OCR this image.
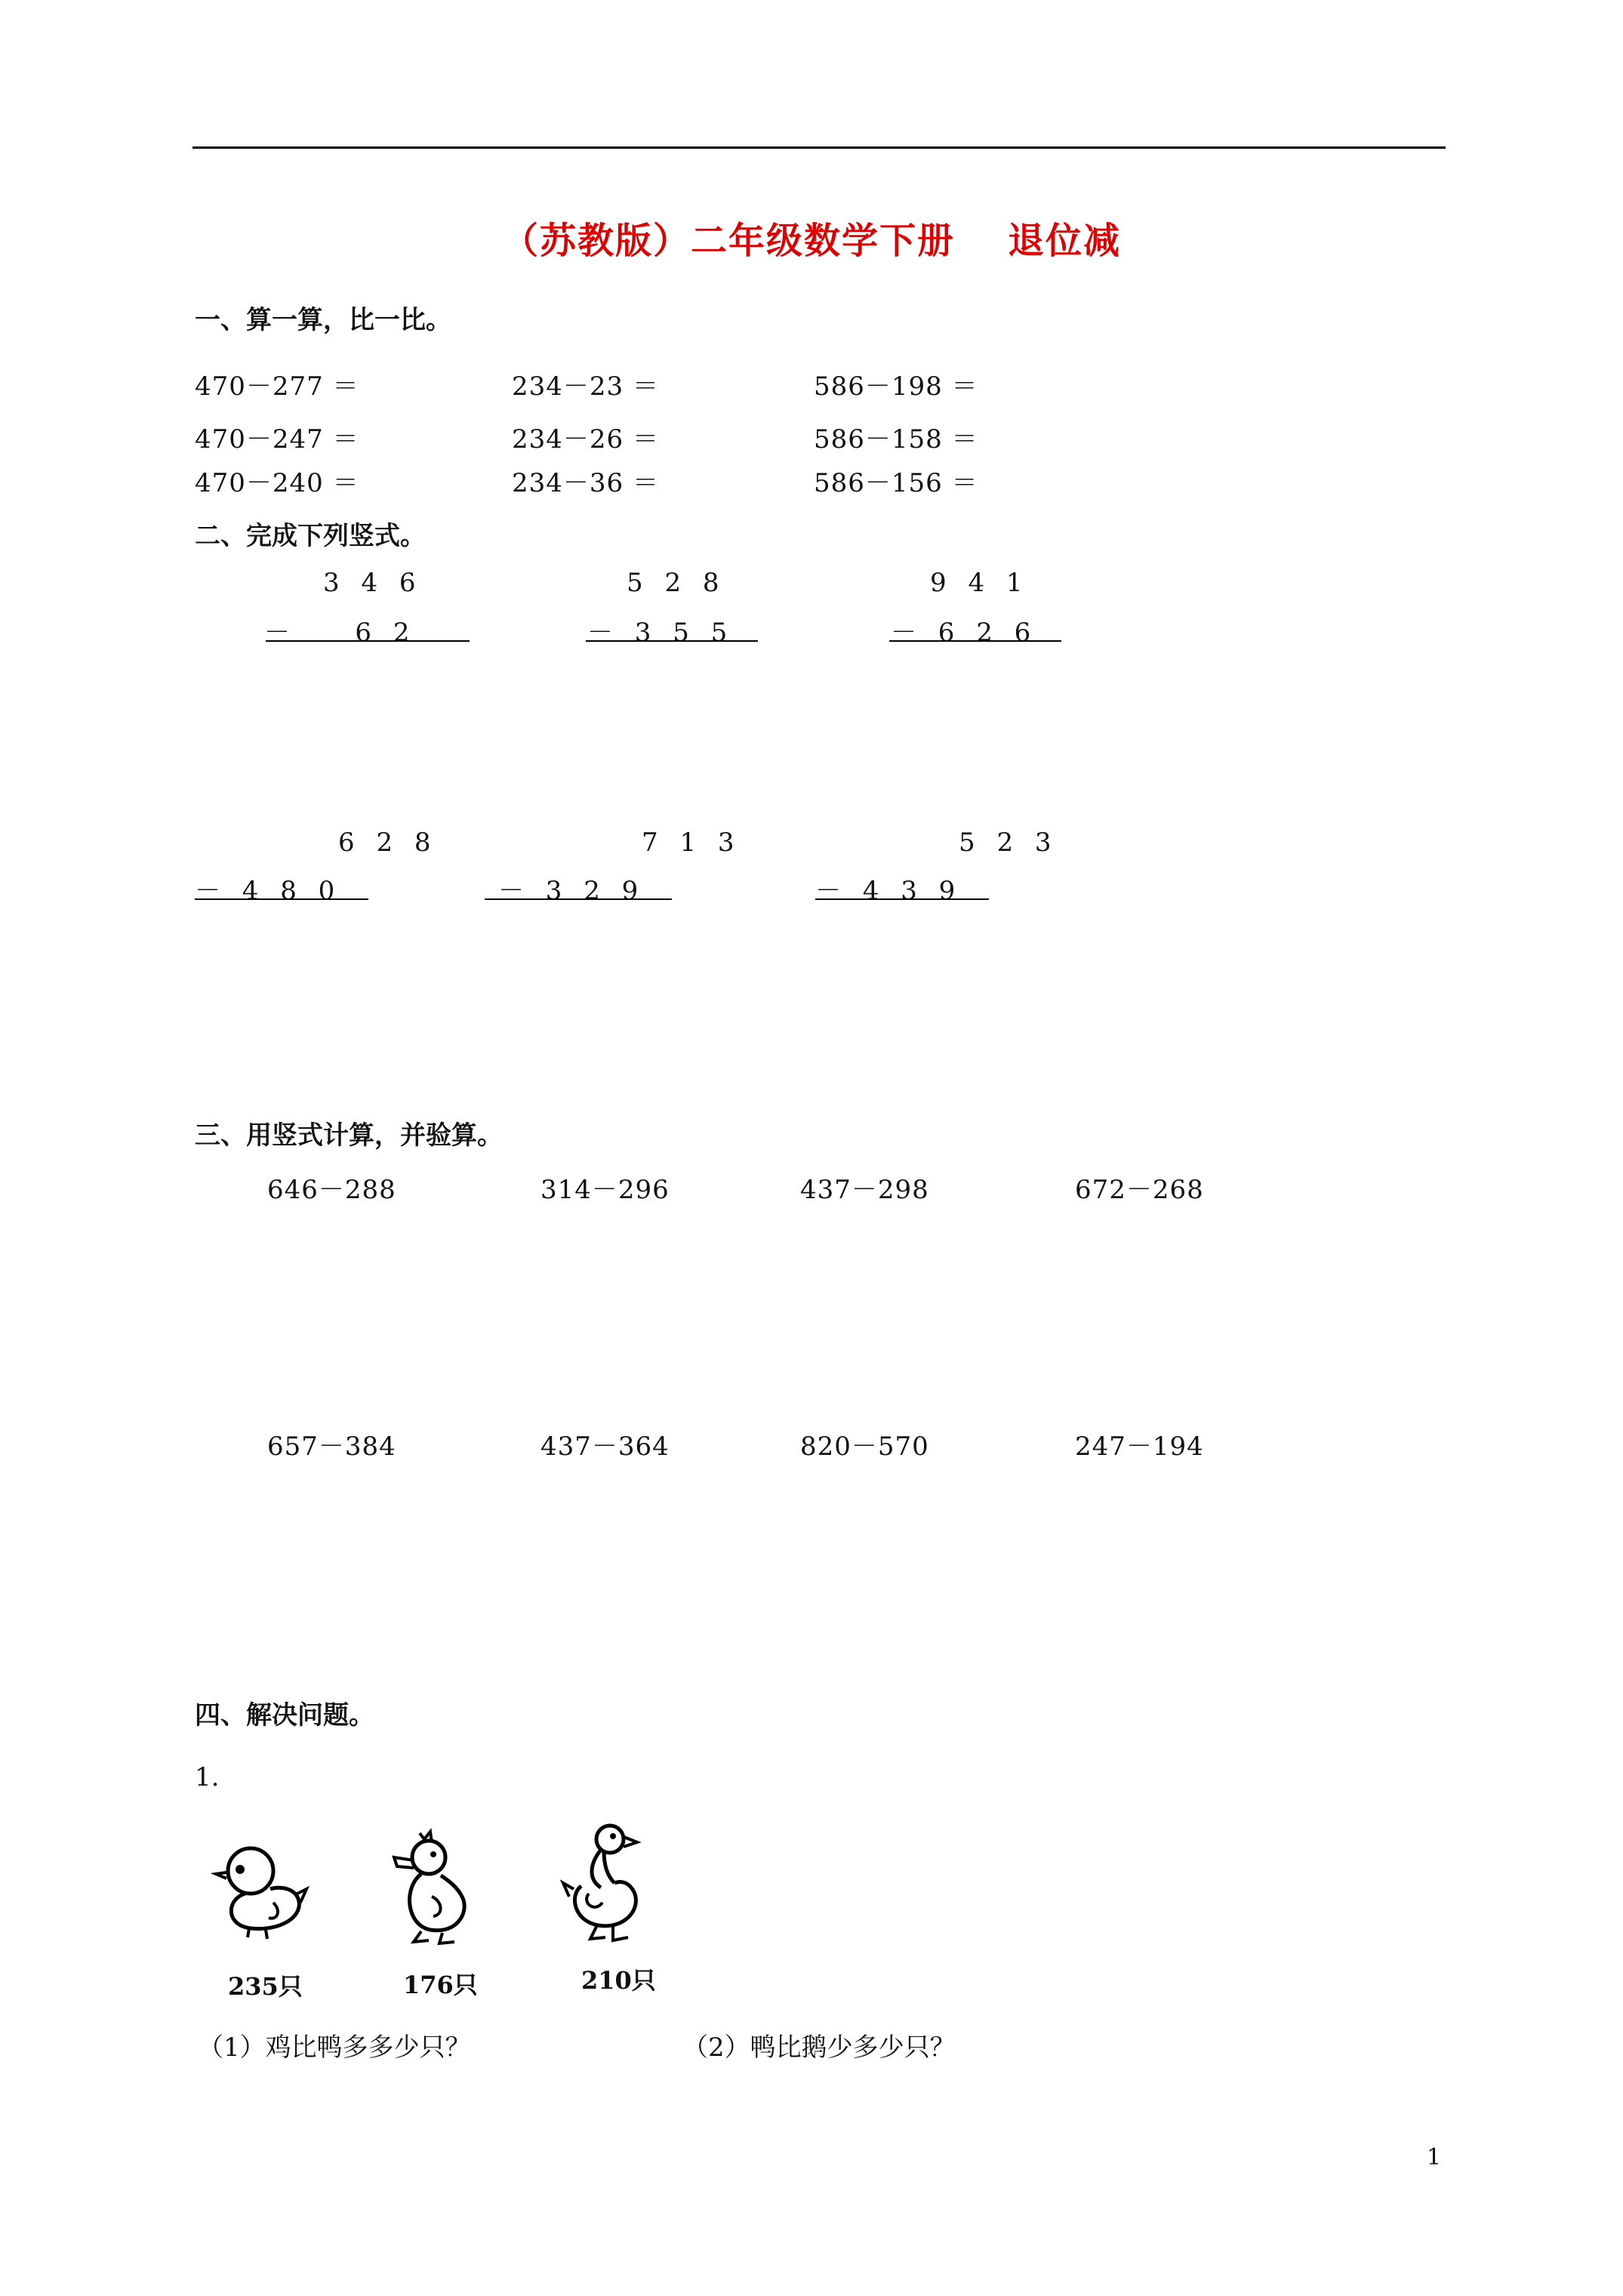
（苏教版）二年级数学下册 退位减
一、算一算，比一比。
470－277 ＝	234－23 ＝	586－198 ＝
470－247 ＝	234－26 ＝	586－158 ＝
470－240 ＝	234－36 ＝	586－156 ＝
二、完成下列竖式。
3 4 6
－   6 2
5 2 8
－ 3 5 5
9 4 1
－ 6 2 6
6 2 8
－ 4 8 0
7 1 3
－ 3 2 9
5 2 3
－ 4 3 9
三、用竖式计算，并验算。
646－288	314－296	437－298	672－268
657－384	437－364	820－570	247－194
四、解决问题。
1.
235只	176只	210只
（1）鸡比鸭多多少只？	（2）鸭比鹅少多少只？
1
